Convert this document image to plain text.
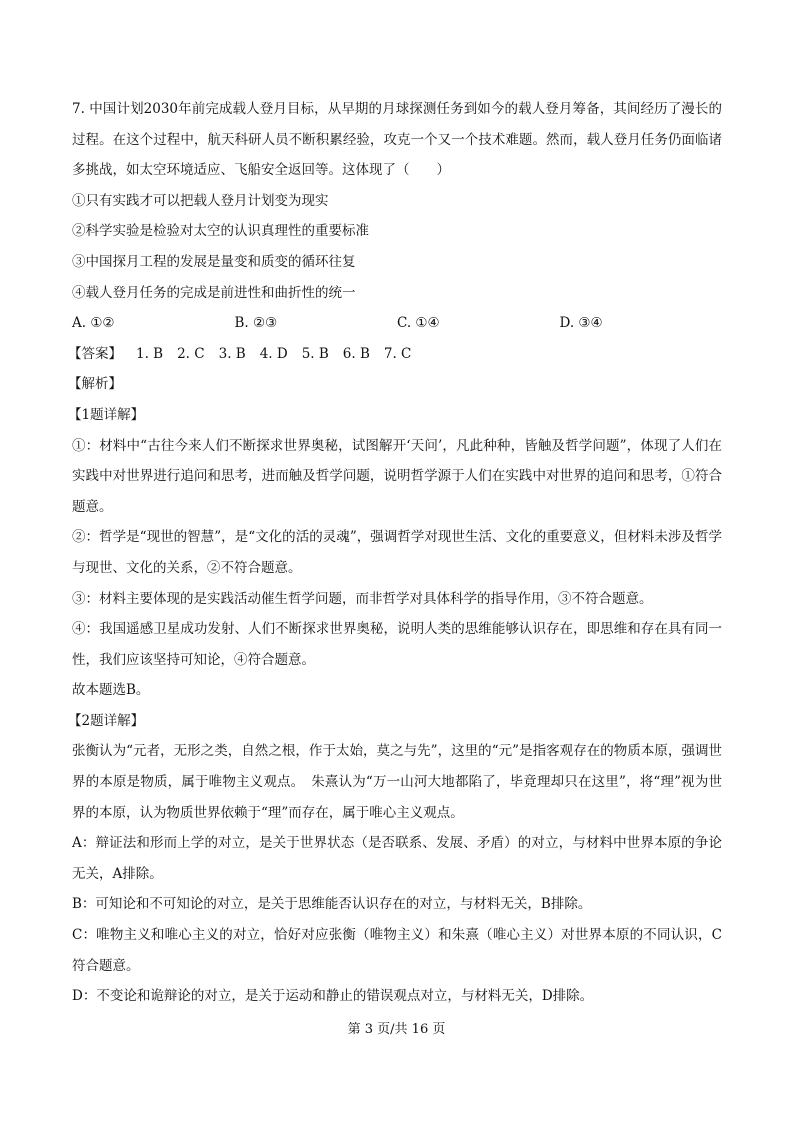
7. 中国计划2030年前完成载人登月目标，从早期的月球探测任务到如今的载人登月筹备，其间经历了漫长的过程。在这个过程中，航天科研人员不断积累经验，攻克一个又一个技术难题。然而，载人登月任务仍面临诸多挑战，如太空环境适应、飞船安全返回等。这体现了（　　）

①只有实践才可以把载人登月计划变为现实

②科学实验是检验对太空的认识真理性的重要标准

③中国探月工程的发展是量变和质变的循环往复

④载人登月任务的完成是前进性和曲折性的统一

A. ①②	B. ②③	C. ①④	D. ③④
【答案】 1. B 2. C 3. B 4. D 5. B 6. B 7. C

【解析】

【1题详解】

①：材料中“古往今来人们不断探求世界奥秘，试图解开‘天问’，凡此种种，皆触及哲学问题”，体现了人们在实践中对世界进行追问和思考，进而触及哲学问题，说明哲学源于人们在实践中对世界的追问和思考，①符合题意。

②：哲学是“现世的智慧”，是“文化的活的灵魂”，强调哲学对现世生活、文化的重要意义，但材料未涉及哲学与现世、文化的关系，②不符合题意。

③：材料主要体现的是实践活动催生哲学问题，而非哲学对具体科学的指导作用，③不符合题意。

④：我国遥感卫星成功发射、人们不断探求世界奥秘，说明人类的思维能够认识存在，即思维和存在具有同一性，我们应该坚持可知论，④符合题意。

故本题选B。

【2题详解】

张衡认为“元者，无形之类，自然之根，作于太始，莫之与先”，这里的“元”是指客观存在的物质本原，强调世界的本原是物质，属于唯物主义观点。　朱熹认为“万一山河大地都陷了，毕竟理却只在这里”，将“理”视为世界的本原，认为物质世界依赖于“理”而存在，属于唯心主义观点。

A：辩证法和形而上学的对立，是关于世界状态（是否联系、发展、矛盾）的对立，与材料中世界本原的争论无关，A排除。

B：可知论和不可知论的对立，是关于思维能否认识存在的对立，与材料无关，B排除。

C：唯物主义和唯心主义的对立，恰好对应张衡（唯物主义）和朱熹（唯心主义）对世界本原的不同认识，C符合题意。

D：不变论和诡辩论的对立，是关于运动和静止的错误观点对立，与材料无关，D排除。

第 3 页/共 16 页
